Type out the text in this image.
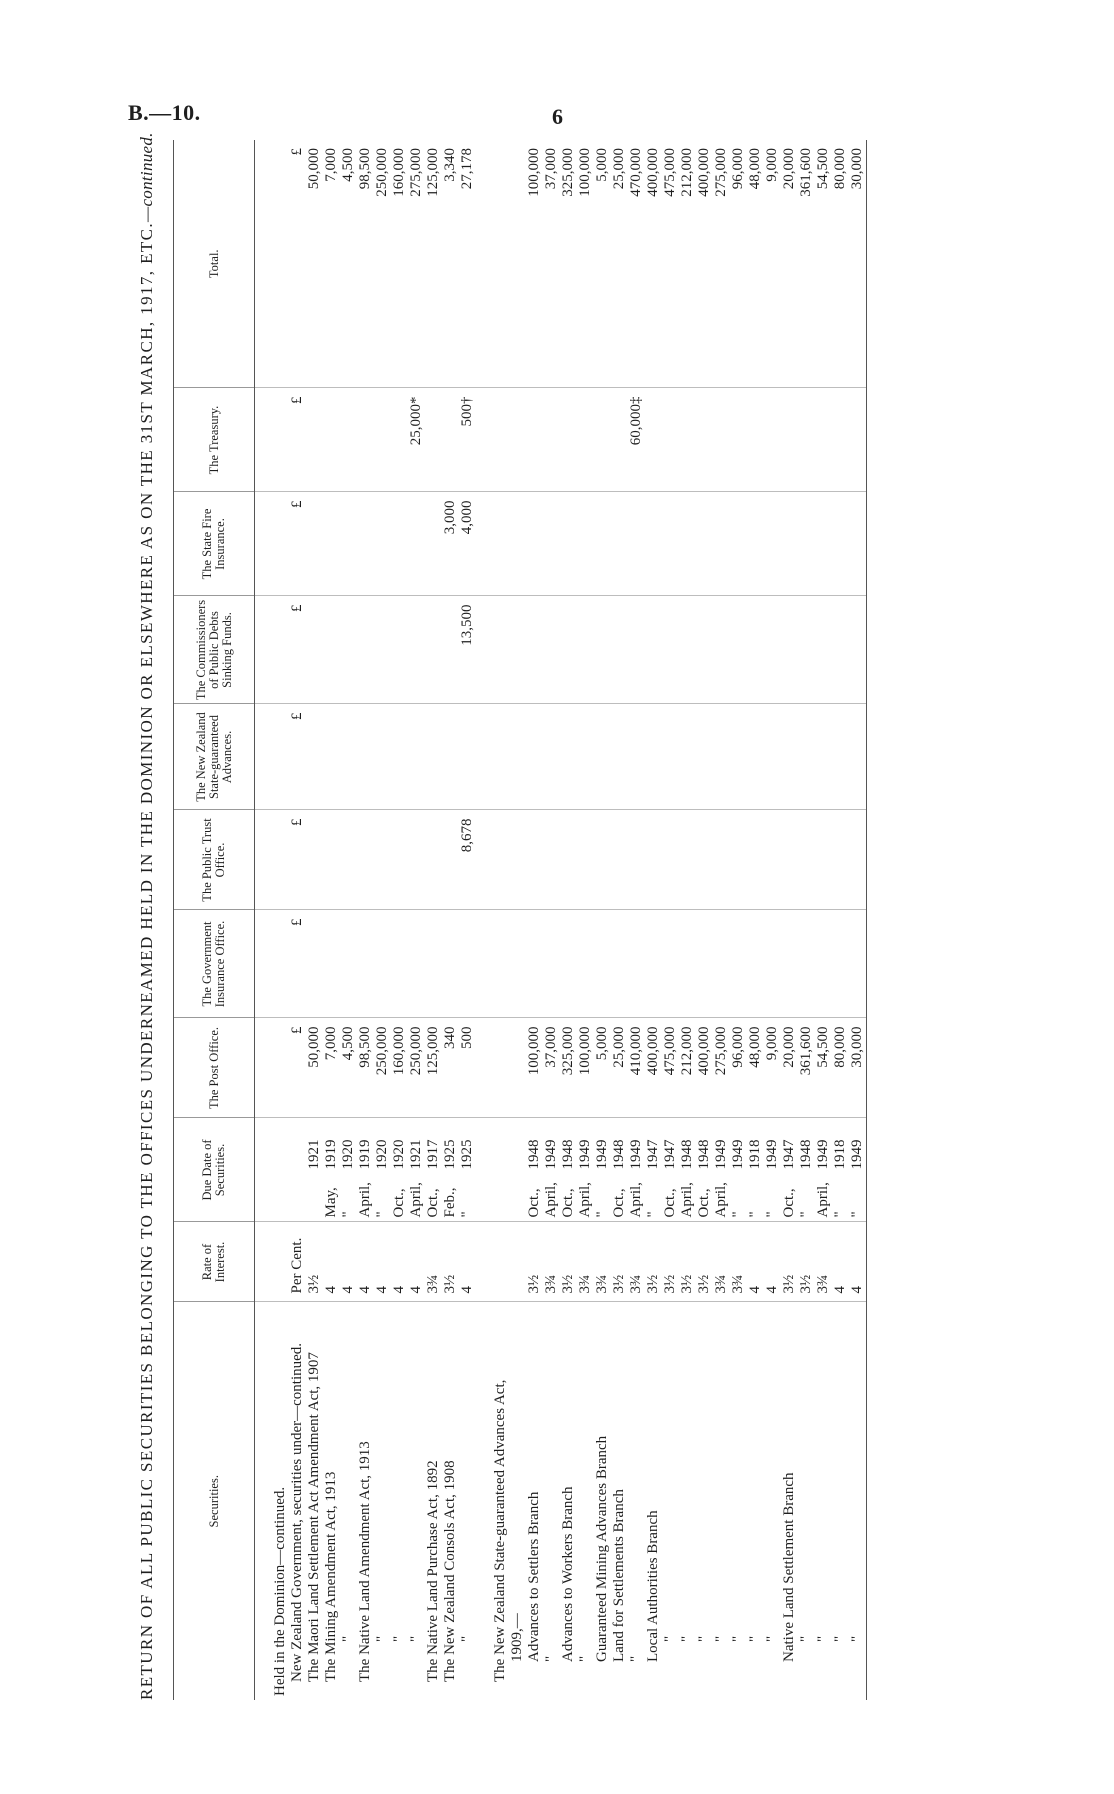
B.—10.	6
RETURN OF ALL PUBLIC SECURITIES BELONGING TO THE OFFICES UNDERNEAMED HELD IN THE DOMINION OR ELSEWHERE AS ON THE 31ST MARCH, 1917, ETC.—continued.
Securities.	Rate of Interest.	Due Date of Securities.	The Post Office.	The Government Insurance Office.	The Public Trust Office.	The New Zealand State-guaranteed Advances.	The Commissioners of Public Debts Sinking Funds.	The State Fire Insurance.	The Treasury.	Total.

Held in the Dominion—continued.										
New Zealand Government, securities under—continued.	Per Cent.		£	£	£	£	£	£	£	£
The Maori Land Settlement Act Amendment Act, 1907	3½	1921	50,000							50,000
The Mining Amendment Act, 1913	4	May,1919	7,000							7,000
"	4	"1920	4,500							4,500
The Native Land Amendment Act, 1913	4	April,1919	98,500							98,500
"	4	"1920	250,000							250,000
"	4	Oct.,1920	160,000							160,000
"	4	April,1921	250,000						25,000*	275,000
The Native Land Purchase Act, 1892	3¾	Oct.,1917	125,000							125,000
The New Zealand Consols Act, 1908	3½	Feb.,1925	340					3,000		3,340
"	4	"1925	500		8,678		13,500	4,000	500†	27,178

The New Zealand State-guaranteed Advances Act,										
1909,—										
Advances to Settlers Branch	3½	Oct.,1948	100,000							100,000
"	3¾	April,1949	37,000							37,000
Advances to Workers Branch	3½	Oct.,1948	325,000							325,000
"	3¾	April,1949	100,000							100,000
Guaranteed Mining Advances Branch	3¾	"1949	5,000							5,000
Land for Settlements Branch	3½	Oct.,1948	25,000							25,000
"	3¾	April,1949	410,000						60,000‡	470,000
Local Authorities Branch	3½	"1947	400,000							400,000
"	3½	Oct.,1947	475,000							475,000
"	3½	April,1948	212,000							212,000
"	3½	Oct.,1948	400,000							400,000
"	3¾	April,1949	275,000							275,000
"	3¾	"1949	96,000							96,000
"	4	"1918	48,000							48,000
"	4	"1949	9,000							9,000
Native Land Settlement Branch	3½	Oct.,1947	20,000							20,000
"	3½	"1948	361,600							361,600
"	3¾	April,1949	54,500							54,500
"	4	"1918	80,000							80,000
"	4	"1949	30,000							30,000
